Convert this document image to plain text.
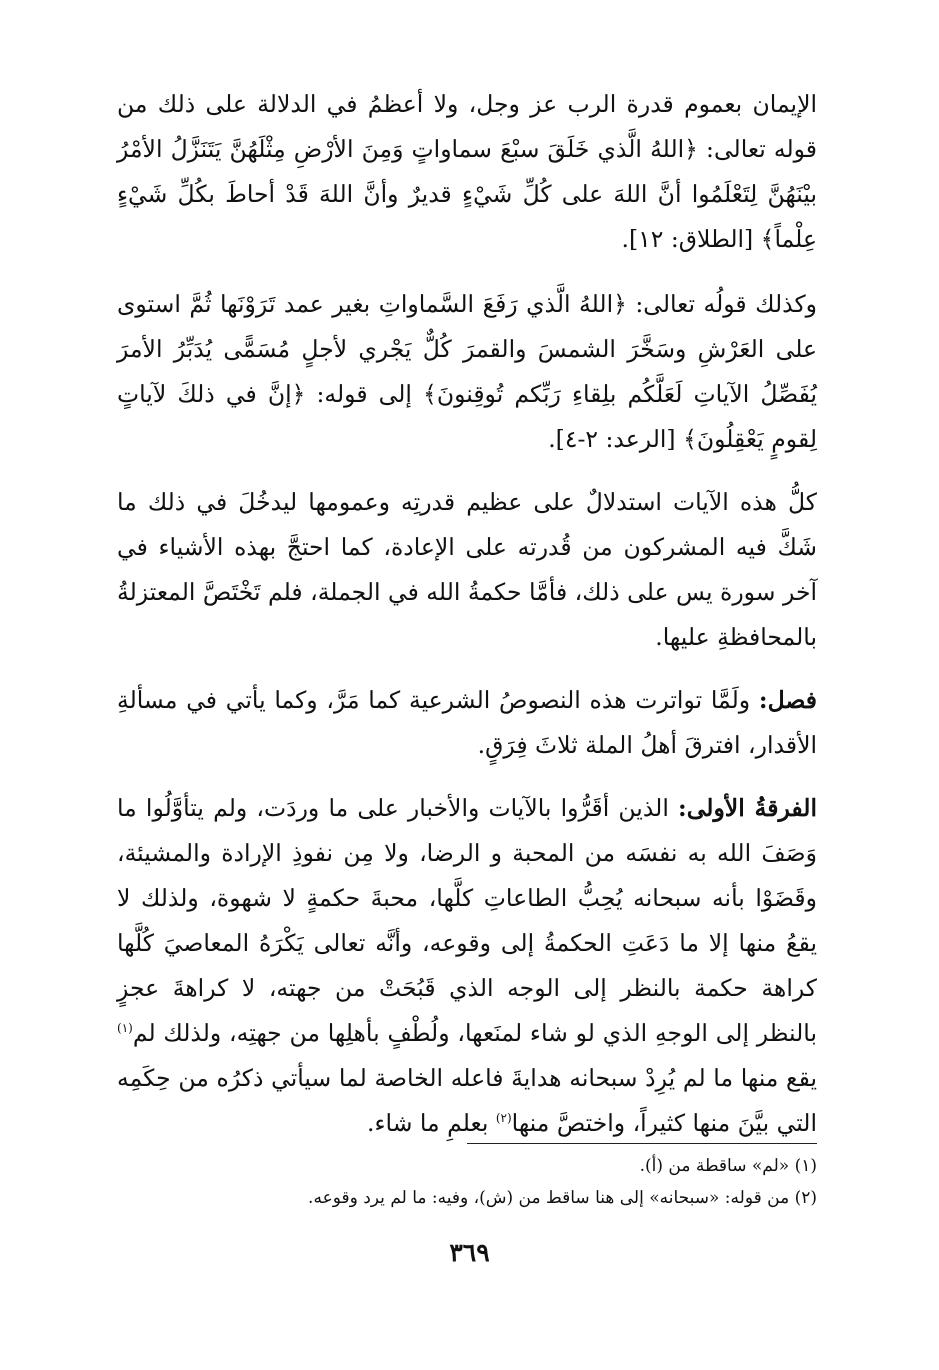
الإيمان بعموم قدرة الرب عز وجل، ولا أعظمُ في الدلالة على ذلك من قوله تعالى: ﴿اللهُ الَّذي خَلَقَ سبْعَ سماواتٍ وَمِنَ الأرْضِ مِثْلَهُنَّ يَتَنَزَّلُ الأمْرُ بيْنَهُنَّ لِتَعْلَمُوا أنَّ اللهَ على كُلِّ شَيْءٍ قديرٌ وأنَّ اللهَ قَدْ أحاطَ بكُلِّ شَيْءٍ عِلْماً﴾ [الطلاق: ١٢].

وكذلك قولُه تعالى: ﴿اللهُ الَّذي رَفَعَ السَّماواتِ بغير عمد تَرَوْنَها ثُمَّ استوى على العَرْشِ وسَخَّرَ الشمسَ والقمرَ كُلٌّ يَجْري لأجلٍ مُسَمًّى يُدَبِّرُ الأمرَ يُفَصِّلُ الآياتِ لَعَلَّكُم بلِقاءِ رَبِّكم تُوقِنونَ﴾ إلى قوله: ﴿إنَّ في ذلكَ لآياتٍ لِقومٍ يَعْقِلُونَ﴾ [الرعد: ٢-٤].

كلُّ هذه الآيات استدلالٌ على عظيم قدرتِه وعمومها ليدخُلَ في ذلك ما شَكَّ فيه المشركون من قُدرته على الإعادة، كما احتجَّ بهذه الأشياء في آخر سورة يس على ذلك، فأمَّا حكمةُ الله في الجملة، فلم تَخْتَصَّ المعتزلةُ بالمحافظةِ عليها.

فصل: ولَمَّا تواترت هذه النصوصُ الشرعية كما مَرَّ، وكما يأتي في مسألةِ الأقدار، افترقَ أهلُ الملة ثلاثَ فِرَقٍ.

الفرقةُ الأولى: الذين أقَرُّوا بالآيات والأخبار على ما وردَت، ولم يتأوَّلُوا ما وَصَفَ الله به نفسَه من المحبة و الرضا، ولا مِن نفوذِ الإرادة والمشيئة، وقَضَوْا بأنه سبحانه يُحِبُّ الطاعاتِ كلَّها، محبةَ حكمةٍ لا شهوة، ولذلك لا يقعُ منها إلا ما دَعَتِ الحكمةُ إلى وقوعه، وأنَّه تعالى يَكْرَهُ المعاصيَ كُلَّها كراهة حكمة بالنظر إلى الوجه الذي قَبُحَتْ من جهته، لا كراهةَ عجزٍ بالنظر إلى الوجهِ الذي لو شاء لمنَعها، ولُطْفٍ بأهلِها من جهتِه، ولذلك لم$^{(١)}$ يقع منها ما لم يُرِدْ سبحانه هدايةَ فاعله الخاصة لما سيأتي ذكرُه من حِكَمِه التي بيَّنَ منها كثيراً، واختصَّ منها$^{(٢)}$ بعلمِ ما شاء.

(١) «لم» ساقطة من (أ).

(٢) من قوله: «سبحانه» إلى هنا ساقط من (ش)، وفيه: ما لم يرد وقوعه.

٣٦٩
